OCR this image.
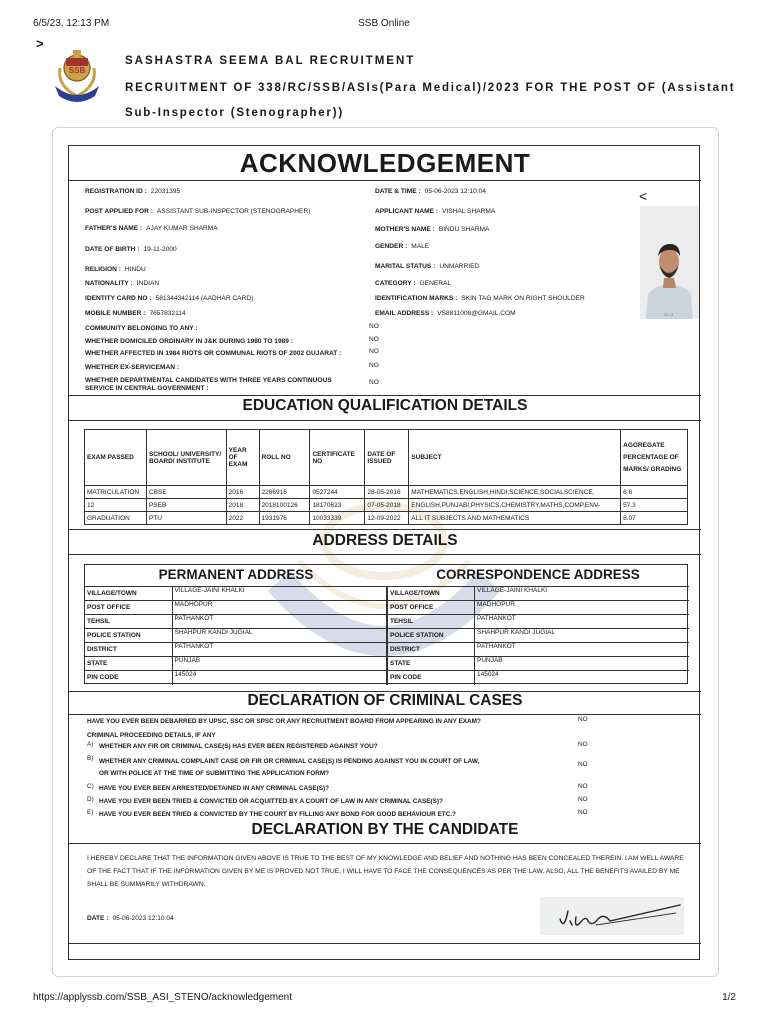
6/5/23, 12:13 PM	SSB Online
>
SSB
SASHASTRA SEEMA BAL RECRUITMENT
RECRUITMENT OF 338/RC/SSB/ASIs(Para Medical)/2023 FOR THE POST OF (Assistant
Sub-Inspector (Stenographer))
ACKNOWLEDGEMENT
REGISTRATION ID : 22031395	DATE & TIME : 05-06-2023 12:10:04	<
POST APPLIED FOR : ASSISTANT SUB-INSPECTOR (STENOGRAPHER)	APPLICANT NAME : VISHAL SHARMA
FATHER'S NAME : AJAY KUMAR SHARMA	MOTHER'S NAME : BINDU SHARMA
DATE OF BIRTH : 19-11-2000	GENDER : MALE
RELIGION : HINDU	MARITAL STATUS : UNMARRIED
NATIONALITY : INDIAN	CATEGORY : GENERAL
IDENTITY CARD NO : 581344342114 (AADHAR CARD)	IDENTIFICATION MARKS : SKIN TAG MARK ON RIGHT SHOULDER
MOBILE NUMBER : 7657832114	EMAIL ADDRESS : VS8811008@GMAIL.COM	04.11
COMMUNITY BELONGING TO ANY :	NO
WHETHER DOMICILED ORDINARY IN J&K DURING 1980 TO 1989 :	NO
WHETHER AFFECTED IN 1984 RIOTS OR COMMUNAL RIOTS OF 2002 GUJARAT :	NO
WHETHER EX-SERVICEMAN :	NO
WHETHER DEPARTMENTAL CANDIDATES WITH THREE YEARS CONTINUOUS
SERVICE IN CENTRAL GOVERNMENT :
NO
EDUCATION QUALIFICATION DETAILS
EXAM PASSED	SCHOOL/ UNIVERSITY/ BOARD/ INSTITUTE	YEAR OF EXAM	ROLL NO	CERTIFICATE NO	DATE OF ISSUED	SUBJECT	AGGREGATE PERCENTAGE OF MARKS/ GRADING
MATRICULATION	CBSE	2016	2266916	0527244	28-05-2016	MATHEMATICS,ENGLISH,HINDI,SCIENCE,SOCIALSCIENCE,	6.6
12	PSEB	2018	2018100126	18170623	07-05-2018	ENGLISH,PUNJABI,PHYSICS,CHEMISTRY,MATHS,COMP,ENV-	57.3
GRADUATION	PTU	2022	1931976	10033339	12-09-2022	ALL IT SUBJECTS AND MATHEMATICS	8.07
ADDRESS DETAILS
PERMANENT ADDRESS
VILLAGE/TOWN	VILLAGE-JAINI KHALKI
POST OFFICE	MADHOPUR
TEHSIL	PATHANKOT
POLICE STATION	SHAHPUR KANDI JUGIAL
DISTRICT	PATHANKOT
STATE	PUNJAB
PIN CODE	145024
CORRESPONDENCE ADDRESS
VILLAGE/TOWN	VILLAGE-JAINI KHALKI
POST OFFICE	MADHOPUR
TEHSIL	PATHANKOT
POLICE STATION	SHAHPUR KANDI JUGIAL
DISTRICT	PATHANKOT
STATE	PUNJAB
PIN CODE	145024
DECLARATION OF CRIMINAL CASES
HAVE YOU EVER BEEN DEBARRED BY UPSC, SSC OR SPSC OR ANY RECRUITMENT BOARD FROM APPEARING IN ANY EXAM?	NO
CRIMINAL PROCEEDING DETAILS, IF ANY
A) WHETHER ANY FIR OR CRIMINAL CASE(S) HAS EVER BEEN REGISTERED AGAINST YOU?	NO
B) WHETHER ANY CRIMINAL COMPLAINT CASE OR FIR OR CRIMINAL CASE(S) IS PENDING AGAINST YOU IN COURT OF LAW,
OR WITH POLICE AT THE TIME OF SUBMITTING THE APPLICATION FORM?
NO
C) HAVE YOU EVER BEEN ARRESTED/DETAINED IN ANY CRIMINAL CASE(S)?	NO
D) HAVE YOU EVER BEEN TRIED & CONVICTED OR ACQUITTED BY A COURT OF LAW IN ANY CRIMINAL CASE(S)?	NO
E) HAVE YOU EVER BEEN TRIED & CONVICTED BY THE COURT BY FILLING ANY BOND FOR GOOD BEHAVIOUR ETC.?	NO
DECLARATION BY THE CANDIDATE
I HEREBY DECLARE THAT THE INFORMATION GIVEN ABOVE IS TRUE TO THE BEST OF MY KNOWLEDGE AND BELIEF AND NOTHING HAS BEEN CONCEALED THEREIN. I AM WELL AWARE OF THE FACT THAT IF THE INFORMATION GIVEN BY ME IS PROVED NOT TRUE, I WILL HAVE TO FACE THE CONSEQUENCES AS PER THE LAW. ALSO, ALL THE BENEFITS AVAILED BY ME SHALL BE SUMMARILY WITHDRAWN.
DATE : 05-06-2023 12:10:04
https://applyssb.com/SSB_ASI_STENO/acknowledgement	1/2
